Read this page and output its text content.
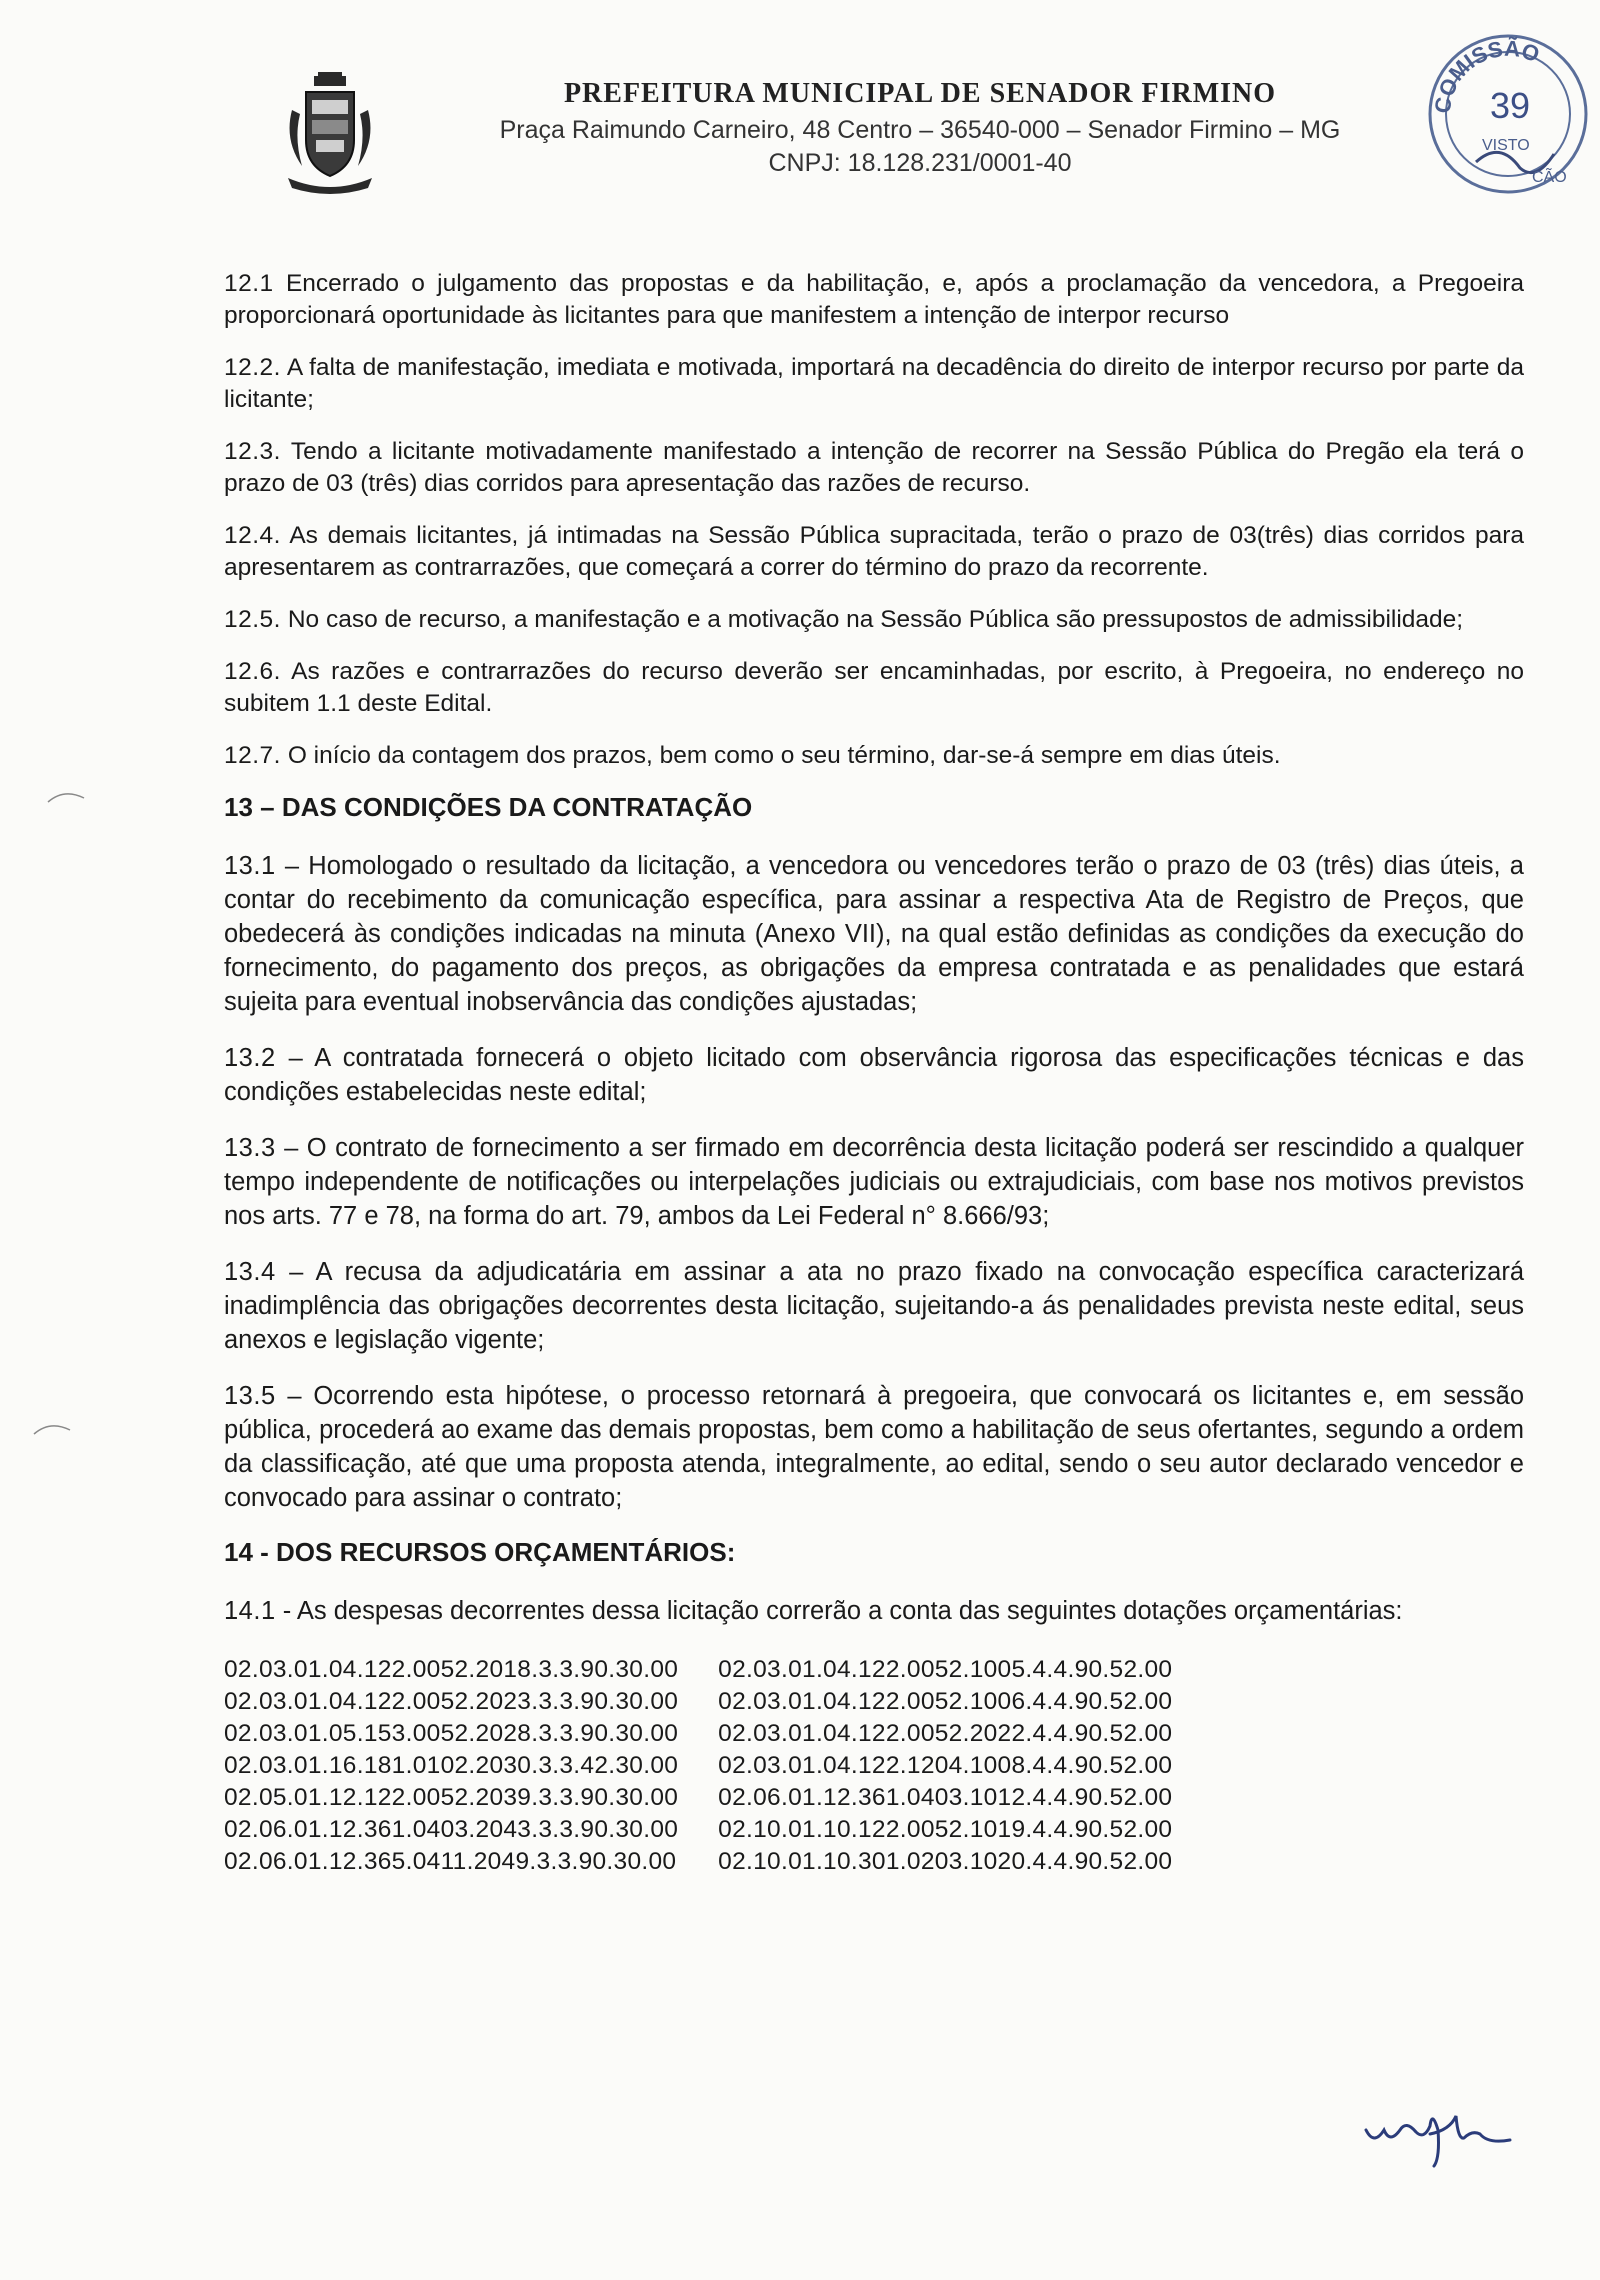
PREFEITURA MUNICIPAL DE SENADOR FIRMINO
Praça Raimundo Carneiro, 48 Centro – 36540-000 – Senador Firmino – MG
CNPJ: 18.128.231/0001-40
COMISSÃO
39
VISTO
CÃO

12.1 Encerrado o julgamento das propostas e da habilitação, e, após a proclamação da vencedora, a Pregoeira proporcionará oportunidade às licitantes para que manifestem a intenção de interpor recurso

12.2. A falta de manifestação, imediata e motivada, importará na decadência do direito de interpor recurso por parte da licitante;

12.3. Tendo a licitante motivadamente manifestado a intenção de recorrer na Sessão Pública do Pregão ela terá o prazo de 03 (três) dias corridos para apresentação das razões de recurso.

12.4. As demais licitantes, já intimadas na Sessão Pública supracitada, terão o prazo de 03(três) dias corridos para apresentarem as contrarrazões, que começará a correr do término do prazo da recorrente.

12.5. No caso de recurso, a manifestação e a motivação na Sessão Pública são pressupostos de admissibilidade;

12.6. As razões e contrarrazões do recurso deverão ser encaminhadas, por escrito, à Pregoeira, no endereço no subitem 1.1 deste Edital.

12.7. O início da contagem dos prazos, bem como o seu término, dar-se-á sempre em dias úteis.

13 – DAS CONDIÇÕES DA CONTRATAÇÃO

13.1 – Homologado o resultado da licitação, a vencedora ou vencedores terão o prazo de 03 (três) dias úteis, a contar do recebimento da comunicação específica, para assinar a respectiva Ata de Registro de Preços, que obedecerá às condições indicadas na minuta (Anexo VII), na qual estão definidas as condições da execução do fornecimento, do pagamento dos preços, as obrigações da empresa contratada e as penalidades que estará sujeita para eventual inobservância das condições ajustadas;

13.2 – A contratada fornecerá o objeto licitado com observância rigorosa das especificações técnicas e das condições estabelecidas neste edital;

13.3 – O contrato de fornecimento a ser firmado em decorrência desta licitação poderá ser rescindido a qualquer tempo independente de notificações ou interpelações judiciais ou extrajudiciais, com base nos motivos previstos nos arts. 77 e 78, na forma do art. 79, ambos da Lei Federal n° 8.666/93;

13.4 – A recusa da adjudicatária em assinar a ata no prazo fixado na convocação específica caracterizará inadimplência das obrigações decorrentes desta licitação, sujeitando-a ás penalidades prevista neste edital, seus anexos e legislação vigente;

13.5 – Ocorrendo esta hipótese, o processo retornará à pregoeira, que convocará os licitantes e, em sessão pública, procederá ao exame das demais propostas, bem como a habilitação de seus ofertantes, segundo a ordem da classificação, até que uma proposta atenda, integralmente, ao edital, sendo o seu autor declarado vencedor e convocado para assinar o contrato;

14 - DOS RECURSOS ORÇAMENTÁRIOS:

14.1 - As despesas decorrentes dessa licitação correrão a conta das seguintes dotações orçamentárias:

02.03.01.04.122.0052.2018.3.3.90.30.00
02.03.01.04.122.0052.2023.3.3.90.30.00
02.03.01.05.153.0052.2028.3.3.90.30.00
02.03.01.16.181.0102.2030.3.3.42.30.00
02.05.01.12.122.0052.2039.3.3.90.30.00
02.06.01.12.361.0403.2043.3.3.90.30.00
02.06.01.12.365.0411.2049.3.3.90.30.00
02.03.01.04.122.0052.1005.4.4.90.52.00
02.03.01.04.122.0052.1006.4.4.90.52.00
02.03.01.04.122.0052.2022.4.4.90.52.00
02.03.01.04.122.1204.1008.4.4.90.52.00
02.06.01.12.361.0403.1012.4.4.90.52.00
02.10.01.10.122.0052.1019.4.4.90.52.00
02.10.01.10.301.0203.1020.4.4.90.52.00
